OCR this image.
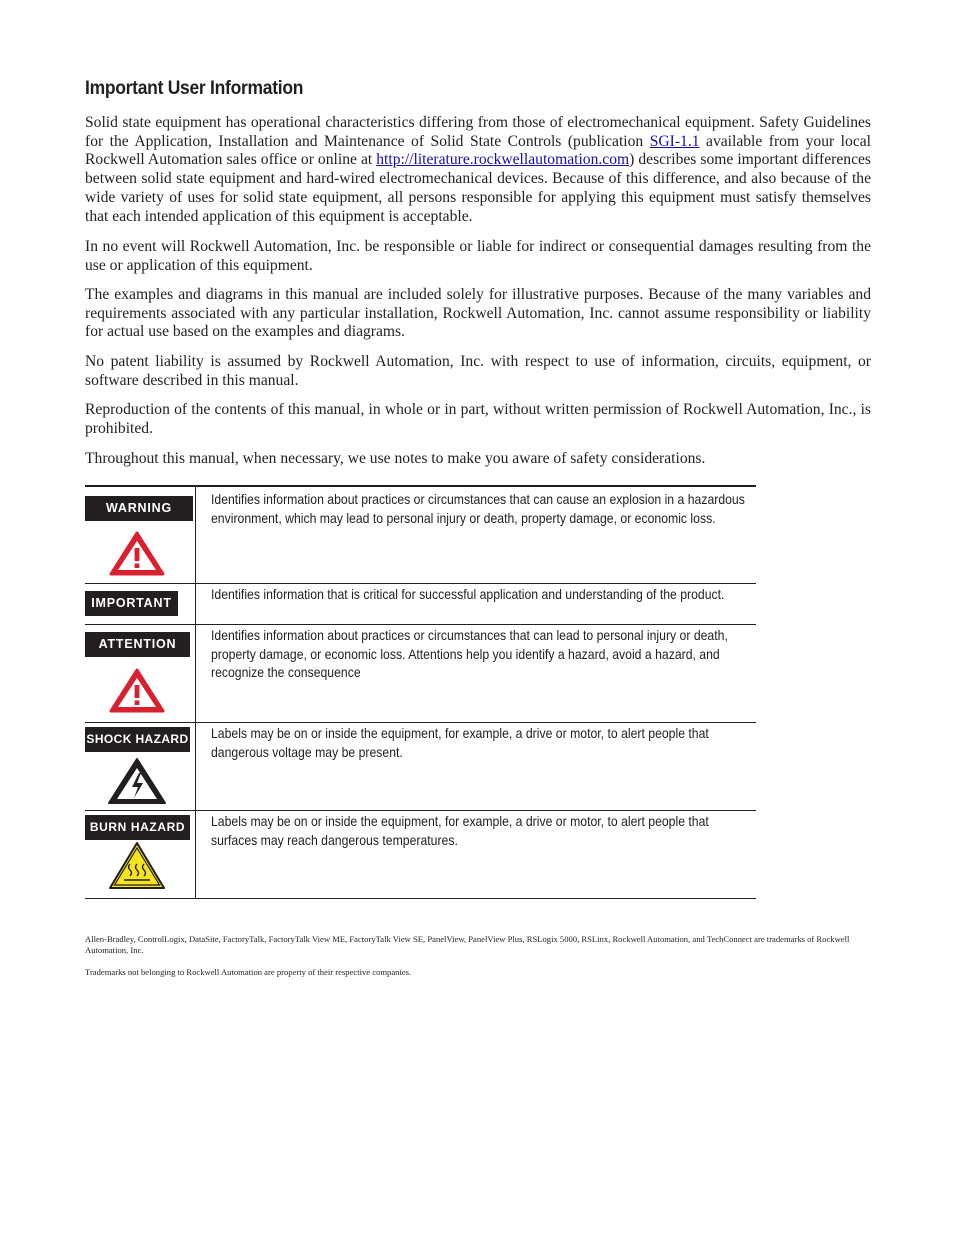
Important User Information

Solid state equipment has operational characteristics differing from those of electromechanical equipment. Safety Guidelines for the Application, Installation and Maintenance of Solid State Controls (publication SGI-1.1 available from your local Rockwell Automation sales office or online at http://literature.rockwellautomation.com) describes some important differences between solid state equipment and hard-wired electromechanical devices. Because of this difference, and also because of the wide variety of uses for solid state equipment, all persons responsible for applying this equipment must satisfy themselves that each intended application of this equipment is acceptable.

In no event will Rockwell Automation, Inc. be responsible or liable for indirect or consequential damages resulting from the use or application of this equipment.

The examples and diagrams in this manual are included solely for illustrative purposes. Because of the many variables and requirements associated with any particular installation, Rockwell Automation, Inc. cannot assume responsibility or liability for actual use based on the examples and diagrams.

No patent liability is assumed by Rockwell Automation, Inc. with respect to use of information, circuits, equipment, or software described in this manual.

Reproduction of the contents of this manual, in whole or in part, without written permission of Rockwell Automation, Inc., is prohibited.

Throughout this manual, when necessary, we use notes to make you aware of safety considerations.

WARNING
Identifies information about practices or circumstances that can cause an explosion in a hazardous environment, which may lead to personal injury or death, property damage, or economic loss.
IMPORTANT
Identifies information that is critical for successful application and understanding of the product.
ATTENTION
Identifies information about practices or circumstances that can lead to personal injury or death, property damage, or economic loss. Attentions help you identify a hazard, avoid a hazard, and recognize the consequence
SHOCK HAZARD Labels may be on or inside the equipment, for example, a drive or motor, to alert people that dangerous voltage may be present.
BURN HAZARD	Labels may be on or inside the equipment, for example, a drive or motor, to alert people that surfaces may reach dangerous temperatures.

Allen-Bradley, ControlLogix, DataSite, FactoryTalk, FactoryTalk View ME, FactoryTalk View SE, PanelView, PanelView Plus, RSLogix 5000, RSLinx, Rockwell Automation, and TechConnect are trademarks of Rockwell Automation, Inc.

Trademarks not belonging to Rockwell Automation are property of their respective companies.
